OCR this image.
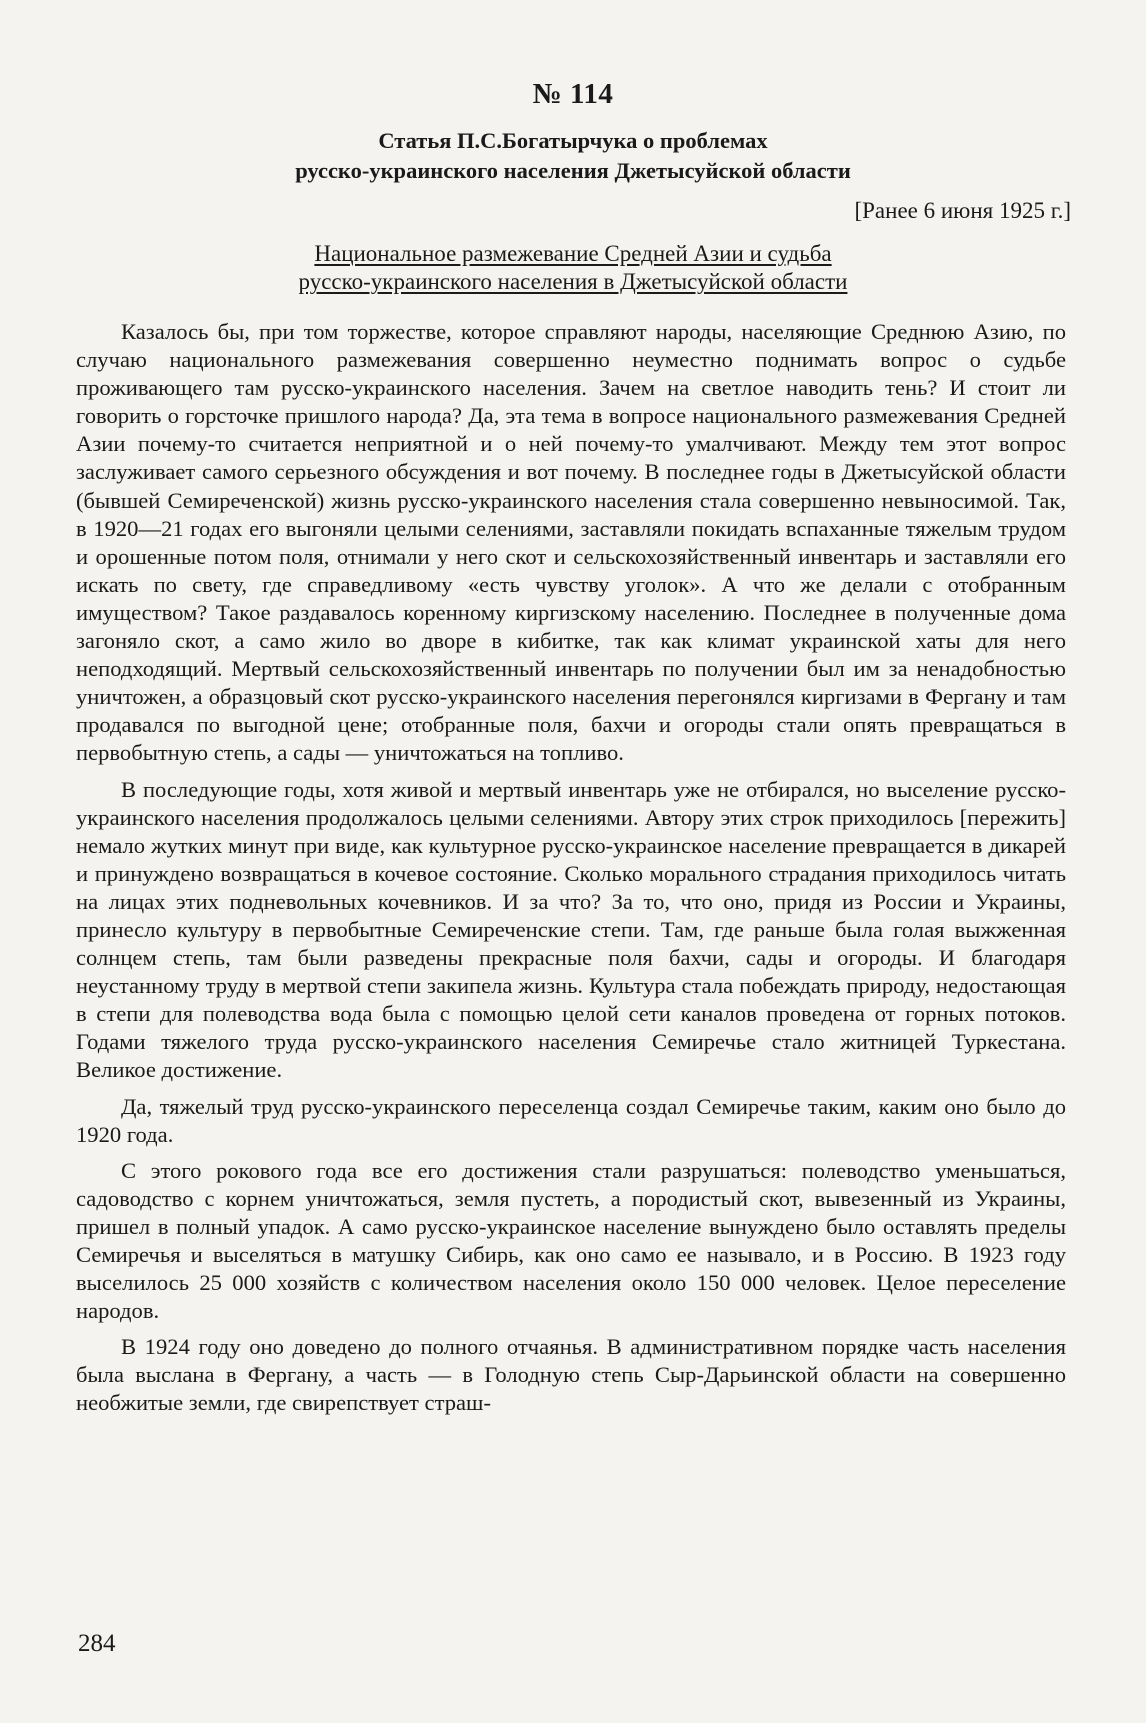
№ 114
Статья П.С.Богатырчука о проблемах
русско-украинского населения Джетысуйской области
[Ранее 6 июня 1925 г.]
Национальное размежевание Средней Азии и судьба
русско-украинского населения в Джетысуйской области

Казалось бы, при том торжестве, которое справляют народы, населяющие Среднюю Азию, по случаю национального размежевания совершенно неуместно поднимать вопрос о судьбе проживающего там русско-украинского населения. Зачем на светлое наводить тень? И стоит ли говорить о горсточке пришлого народа? Да, эта тема в вопросе национального размежевания Средней Азии почему-то считается неприятной и о ней почему-то умалчивают. Между тем этот вопрос заслуживает самого серьезного обсуждения и вот почему. В последнее годы в Джетысуйской области (бывшей Семиреченской) жизнь русско-украинского населения стала совершенно невыносимой. Так, в 1920—21 годах его выгоняли целыми селениями, заставляли покидать вспаханные тяжелым трудом и орошенные потом поля, отнимали у него скот и сельскохозяйственный инвентарь и заставляли его искать по свету, где справедливому «есть чувству уголок». А что же делали с отобранным имуществом? Такое раздавалось коренному киргизскому населению. Последнее в полученные дома загоняло скот, а само жило во дворе в кибитке, так как климат украинской хаты для него неподходящий. Мертвый сельскохозяйственный инвентарь по получении был им за ненадобностью уничтожен, а образцовый скот русско-украинского населения перегонялся киргизами в Фергану и там продавался по выгодной цене; отобранные поля, бахчи и огороды стали опять превращаться в первобытную степь, а сады — уничтожаться на топливо.

В последующие годы, хотя живой и мертвый инвентарь уже не отбирался, но выселение русско-украинского населения продолжалось целыми селениями. Автору этих строк приходилось [пережить] немало жутких минут при виде, как культурное русско-украинское население превращается в дикарей и принуждено возвращаться в кочевое состояние. Сколько морального страдания приходилось читать на лицах этих подневольных кочевников. И за что? За то, что оно, придя из России и Украины, принесло культуру в первобытные Семиреченские степи. Там, где раньше была голая выжженная солнцем степь, там были разведены прекрасные поля бахчи, сады и огороды. И благодаря неустанному труду в мертвой степи закипела жизнь. Культура стала побеждать природу, недостающая в степи для полеводства вода была с помощью целой сети каналов проведена от горных потоков. Годами тяжелого труда русско-украинского населения Семиречье стало житницей Туркестана. Великое достижение.

Да, тяжелый труд русско-украинского переселенца создал Семиречье таким, каким оно было до 1920 года.

С этого рокового года все его достижения стали разрушаться: полеводство уменьшаться, садоводство с корнем уничтожаться, земля пустеть, а породистый скот, вывезенный из Украины, пришел в полный упадок. А само русско-украинское население вынуждено было оставлять пределы Семиречья и выселяться в матушку Сибирь, как оно само ее называло, и в Россию. В 1923 году выселилось 25 000 хозяйств с количеством населения около 150 000 человек. Целое переселение народов.

В 1924 году оно доведено до полного отчаянья. В административном порядке часть населения была выслана в Фергану, а часть — в Голодную степь Сыр-Дарьинской области на совершенно необжитые земли, где свирепствует страш-

284
